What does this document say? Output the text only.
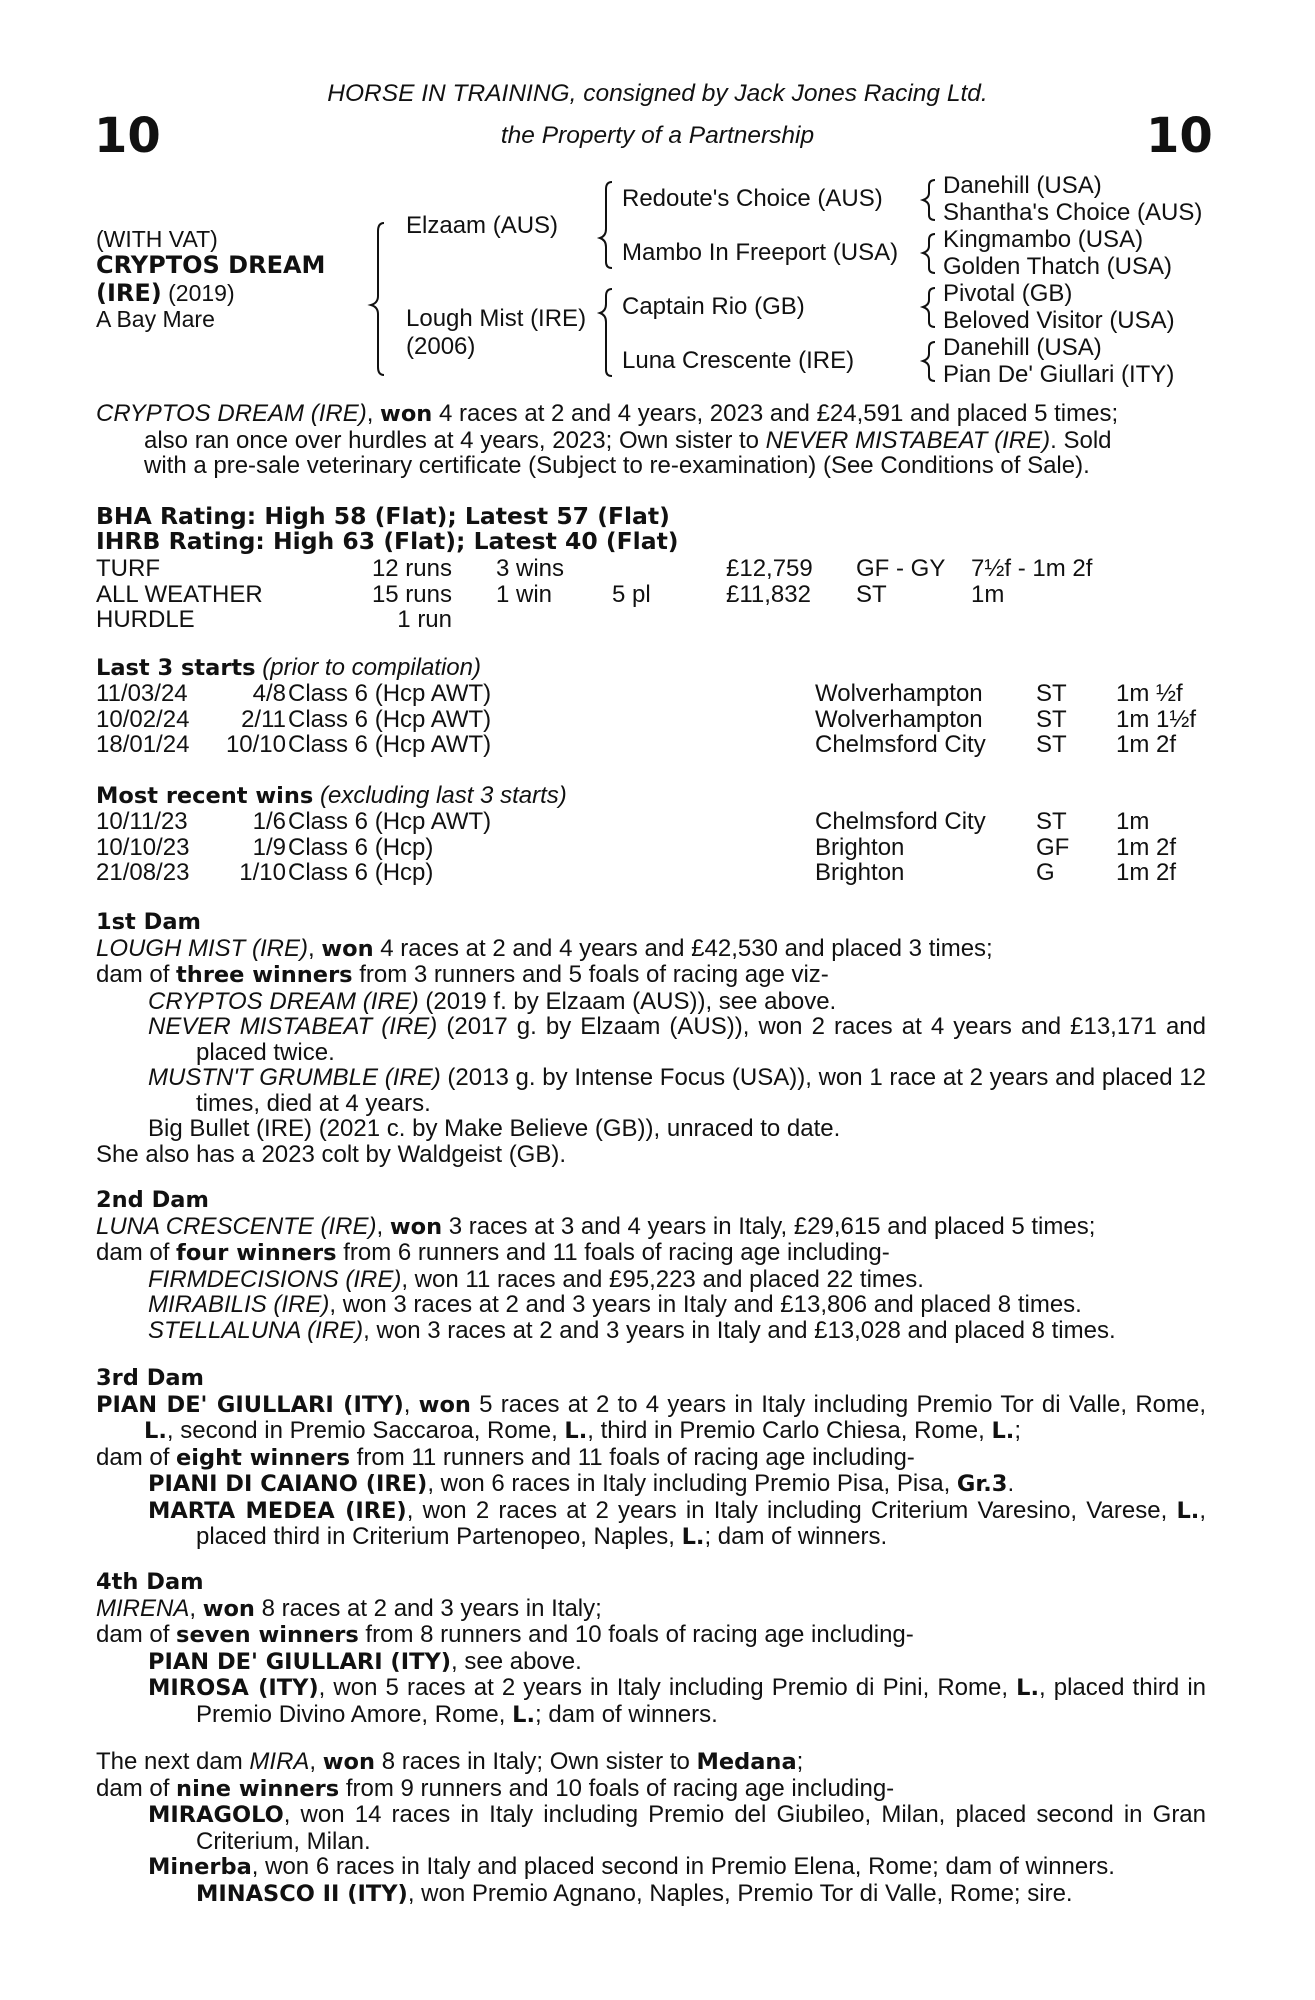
HORSE IN TRAINING, consigned by Jack Jones Racing Ltd.
the Property of a Partnership
10	10
(WITH VAT)
CRYPTOS DREAM
(IRE) (2019)
A Bay Mare
Elzaam (AUS)
Lough Mist (IRE)
(2006)
Redoute's Choice (AUS)
Mambo In Freeport (USA)
Captain Rio (GB)
Luna Crescente (IRE)
Danehill (USA)
Shantha's Choice (AUS)
Kingmambo (USA)
Golden Thatch (USA)
Pivotal (GB)
Beloved Visitor (USA)
Danehill (USA)
Pian De' Giullari (ITY)
CRYPTOS DREAM (IRE), won 4 races at 2 and 4 years, 2023 and £24,591 and placed 5 times;
also ran once over hurdles at 4 years, 2023; Own sister to NEVER MISTABEAT (IRE). Sold
with a pre-sale veterinary certificate (Subject to re-examination) (See Conditions of Sale).
BHA Rating: High 58 (Flat); Latest 57 (Flat)
IHRB Rating: High 63 (Flat); Latest 40 (Flat)
TURF	12 runs 3 wins	£12,759 GF - GY 7½f - 1m 2f
ALL WEATHER	15 runs 1 win 5 pl	£11,832 ST	1m
HURDLE	1 run
Last 3 starts (prior to compilation)
11/03/24	4/8 Class 6 (Hcp AWT)	Wolverhampton ST 1m ½f
10/02/24 2/11 Class 6 (Hcp AWT)	Wolverhampton ST 1m 1½f
18/01/24 10/10 Class 6 (Hcp AWT)	Chelmsford City ST 1m 2f
Most recent wins (excluding last 3 starts)
10/11/23	1/6 Class 6 (Hcp AWT)	Chelmsford City ST 1m
10/10/23	1/9 Class 6 (Hcp)	Brighton	GF 1m 2f
21/08/23 1/10 Class 6 (Hcp)	Brighton	G	1m 2f
1st Dam
LOUGH MIST (IRE), won 4 races at 2 and 4 years and £42,530 and placed 3 times;
dam of three winners from 3 runners and 5 foals of racing age viz-
CRYPTOS DREAM (IRE) (2019 f. by Elzaam (AUS)), see above.
NEVER MISTABEAT (IRE) (2017 g. by Elzaam (AUS)), won 2 races at 4 years and £13,171 and placed twice.
MUSTN'T GRUMBLE (IRE) (2013 g. by Intense Focus (USA)), won 1 race at 2 years and placed 12 times, died at 4 years.
Big Bullet (IRE) (2021 c. by Make Believe (GB)), unraced to date.
She also has a 2023 colt by Waldgeist (GB).
2nd Dam
LUNA CRESCENTE (IRE), won 3 races at 3 and 4 years in Italy, £29,615 and placed 5 times;
dam of four winners from 6 runners and 11 foals of racing age including-
FIRMDECISIONS (IRE), won 11 races and £95,223 and placed 22 times.
MIRABILIS (IRE), won 3 races at 2 and 3 years in Italy and £13,806 and placed 8 times.
STELLALUNA (IRE), won 3 races at 2 and 3 years in Italy and £13,028 and placed 8 times.
3rd Dam
PIAN DE' GIULLARI (ITY), won 5 races at 2 to 4 years in Italy including Premio Tor di Valle, Rome, L., second in Premio Saccaroa, Rome, L., third in Premio Carlo Chiesa, Rome, L.;
dam of eight winners from 11 runners and 11 foals of racing age including-
PIANI DI CAIANO (IRE), won 6 races in Italy including Premio Pisa, Pisa, Gr.3.
MARTA MEDEA (IRE), won 2 races at 2 years in Italy including Criterium Varesino, Varese, L., placed third in Criterium Partenopeo, Naples, L.; dam of winners.
4th Dam
MIRENA, won 8 races at 2 and 3 years in Italy;
dam of seven winners from 8 runners and 10 foals of racing age including-
PIAN DE' GIULLARI (ITY), see above.
MIROSA (ITY), won 5 races at 2 years in Italy including Premio di Pini, Rome, L., placed third in Premio Divino Amore, Rome, L.; dam of winners.
The next dam MIRA, won 8 races in Italy; Own sister to Medana;
dam of nine winners from 9 runners and 10 foals of racing age including-
MIRAGOLO, won 14 races in Italy including Premio del Giubileo, Milan, placed second in Gran Criterium, Milan.
Minerba, won 6 races in Italy and placed second in Premio Elena, Rome; dam of winners.
MINASCO II (ITY), won Premio Agnano, Naples, Premio Tor di Valle, Rome; sire.
